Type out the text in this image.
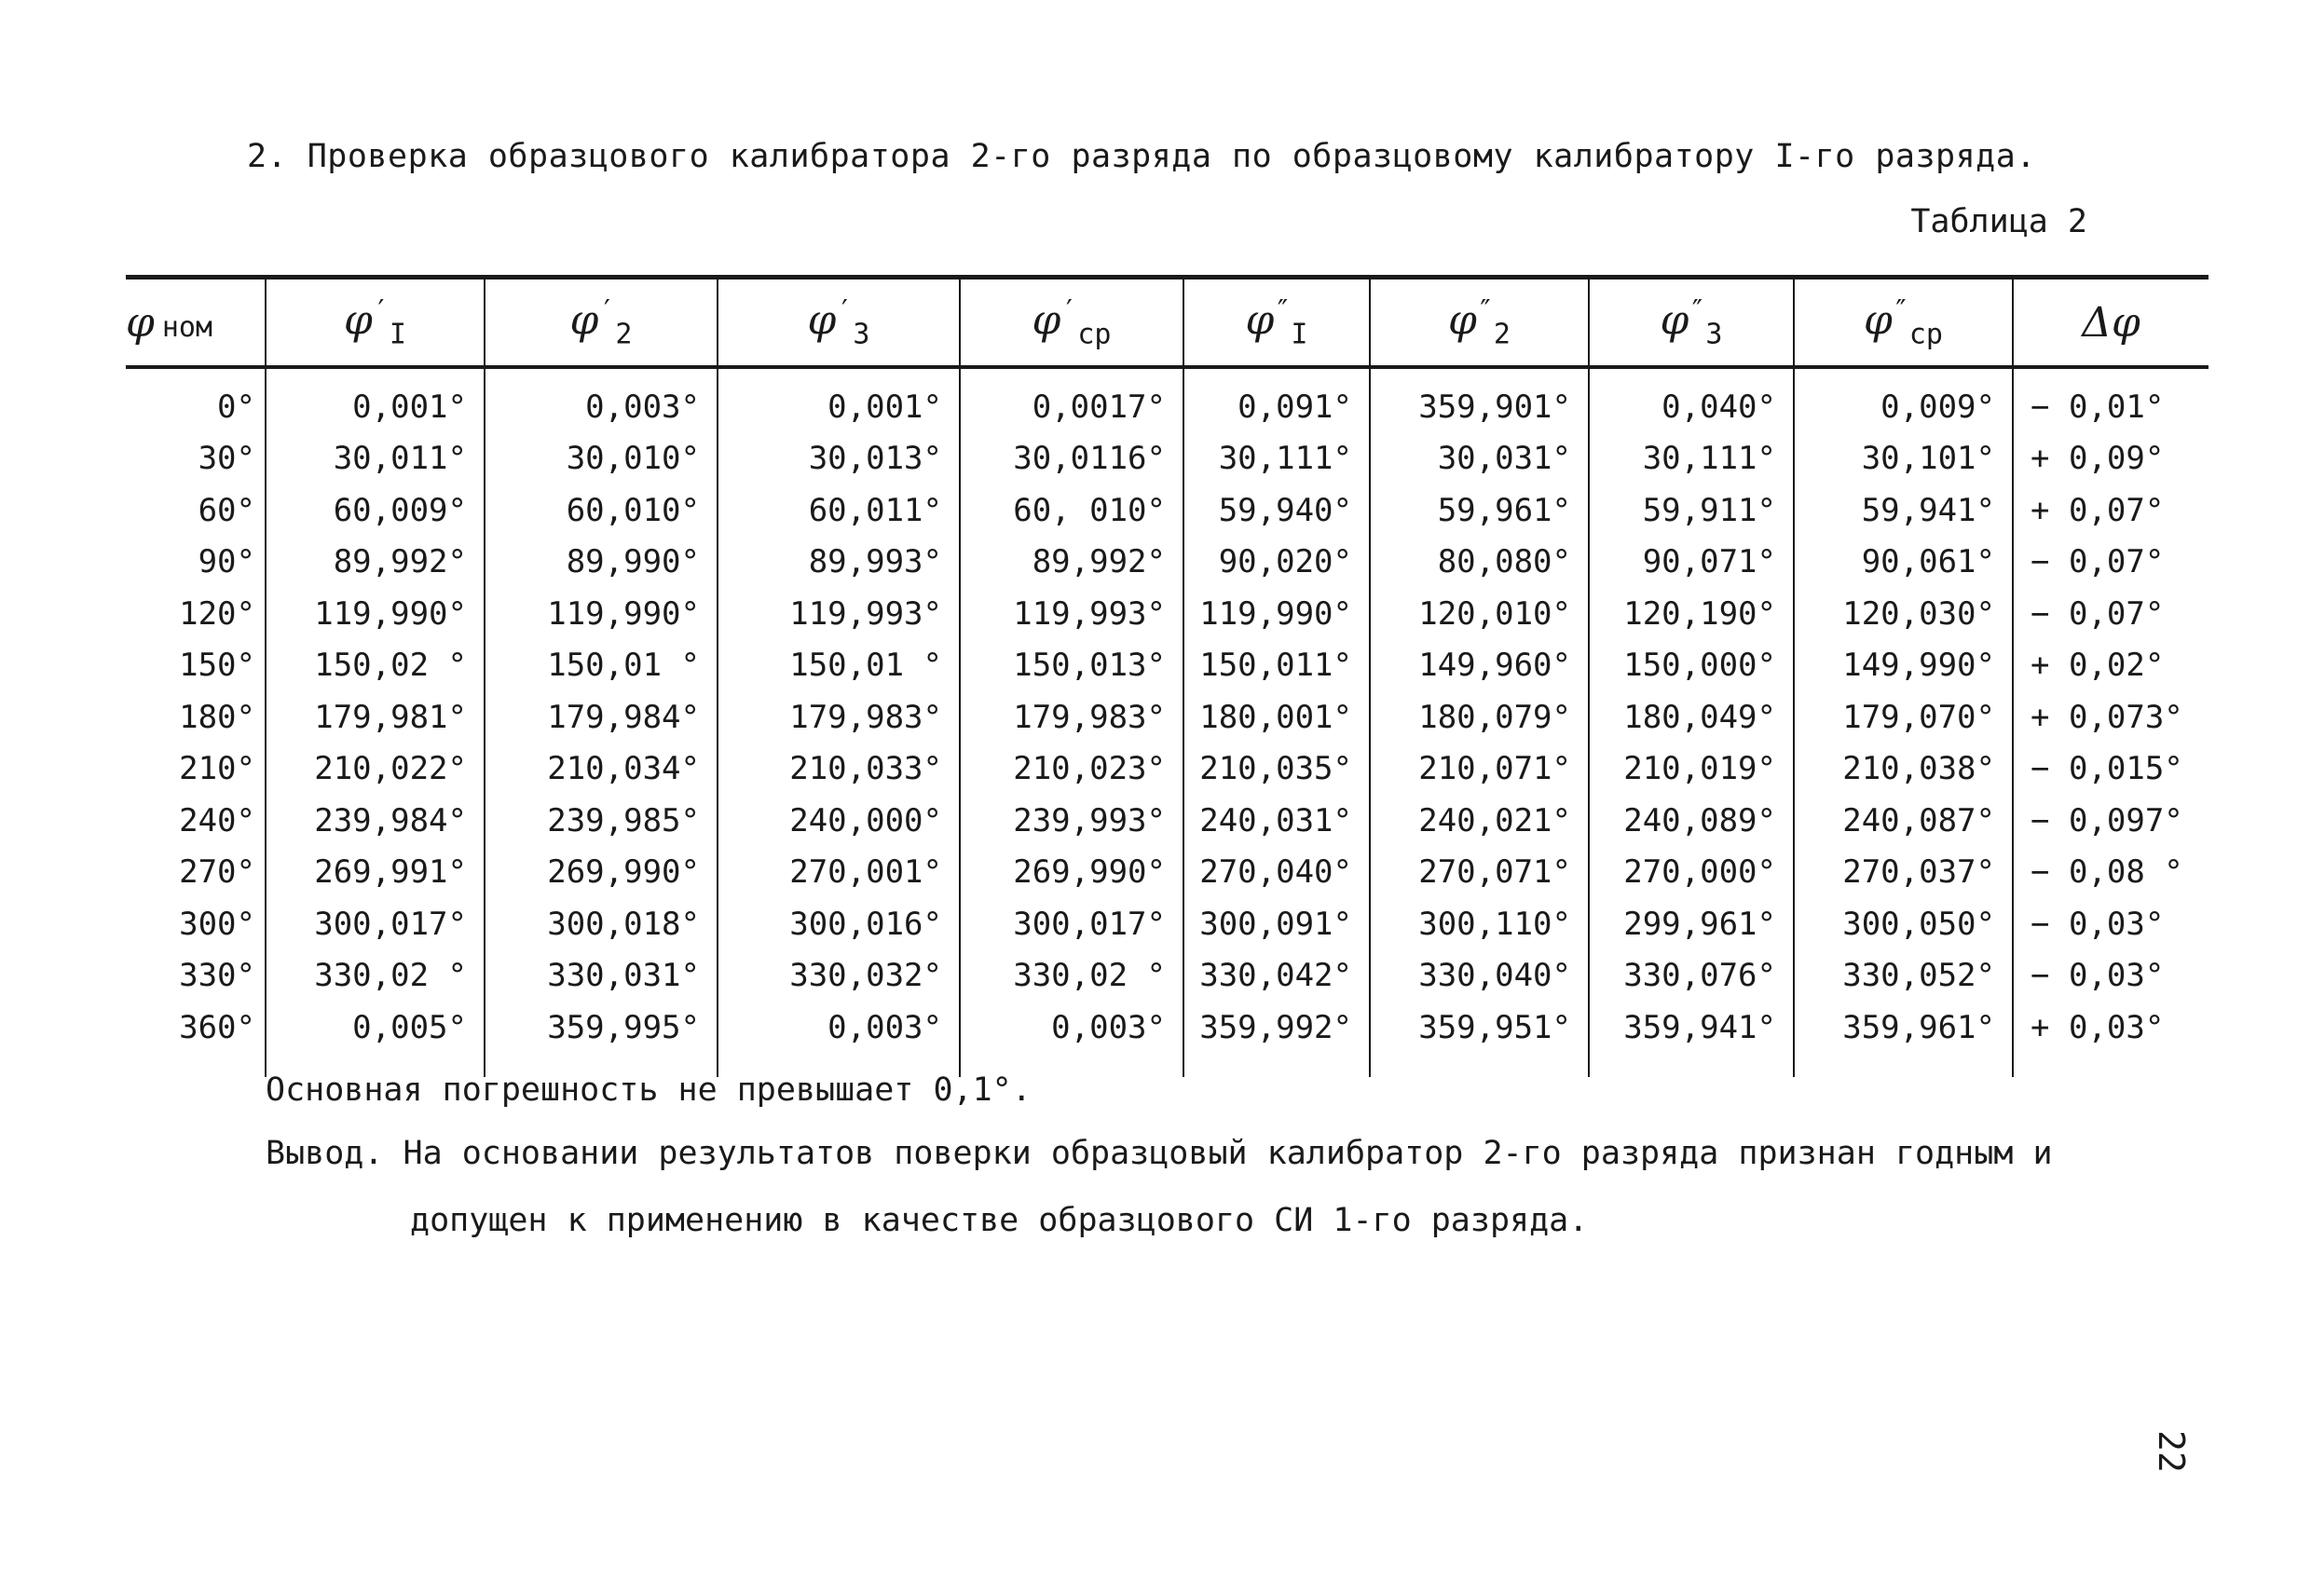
2. Проверка образцового калибратора 2-го разряда по образцовому калибратору I-го разряда.
Таблица 2
φ ном	$\varphi'_I$	$\varphi'_2$	$\varphi'_3$	$\varphi'_{ср}$	$\varphi''_I$	$\varphi''_2$	$\varphi''_3$	$\varphi''_{ср}$	Δφ
0°	0,001°	0,003°	0,001°	0,0017°	0,091°	359,901°	0,040°	0,009°	− 0,01°
30°	30,011°	30,010°	30,013°	30,0116°	30,111°	30,031°	30,111°	30,101°	+ 0,09°
60°	60,009°	60,010°	60,011°	60, 010°	59,940°	59,961°	59,911°	59,941°	+ 0,07°
90°	89,992°	89,990°	89,993°	89,992°	90,020°	80,080°	90,071°	90,061°	− 0,07°
120°	119,990°	119,990°	119,993°	119,993°	119,990°	120,010°	120,190°	120,030°	− 0,07°
150°	150,02 °	150,01 °	150,01 °	150,013°	150,011°	149,960°	150,000°	149,990°	+ 0,02°
180°	179,981°	179,984°	179,983°	179,983°	180,001°	180,079°	180,049°	179,070°	+ 0,073°
210°	210,022°	210,034°	210,033°	210,023°	210,035°	210,071°	210,019°	210,038°	− 0,015°
240°	239,984°	239,985°	240,000°	239,993°	240,031°	240,021°	240,089°	240,087°	− 0,097°
270°	269,991°	269,990°	270,001°	269,990°	270,040°	270,071°	270,000°	270,037°	− 0,08 °
300°	300,017°	300,018°	300,016°	300,017°	300,091°	300,110°	299,961°	300,050°	− 0,03°
330°	330,02 °	330,031°	330,032°	330,02 °	330,042°	330,040°	330,076°	330,052°	− 0,03°
360°	0,005°	359,995°	0,003°	0,003°	359,992°	359,951°	359,941°	359,961°	+ 0,03°
Основная погрешность не превышает 0,1°.
Вывод. На основании результатов поверки образцовый калибратор 2-го разряда признан годным и
допущен к применению в качестве образцового СИ 1-го разряда.
22
